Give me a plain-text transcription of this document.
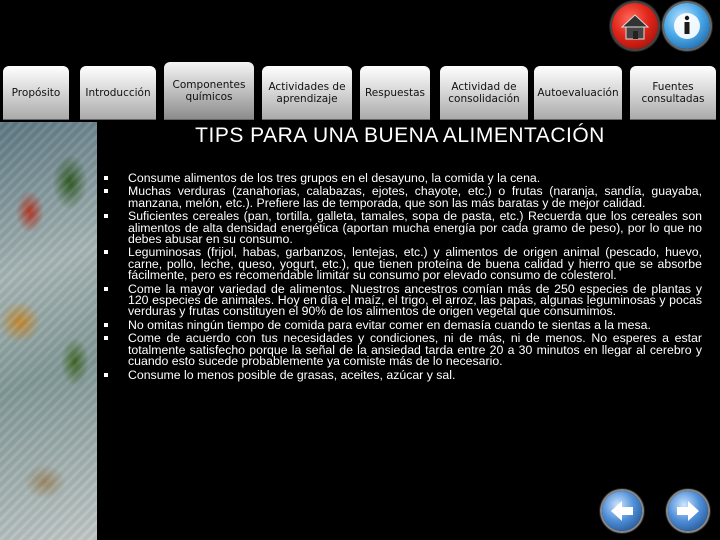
Propósito Introducción
Componentes químicos
Actividades de aprendizaje	Respuestas	Actividad de consolidación	Autoevaluación	Fuentes consultadas
TIPS PARA UNA BUENA ALIMENTACIÓN
Consume alimentos de los tres grupos en el desayuno, la comida y la cena.
Muchas verduras (zanahorias, calabazas, ejotes, chayote, etc.) o frutas (naranja, sandía, guayaba, manzana, melón, etc.). Prefiere las de temporada, que son las más baratas y de mejor calidad.
Suficientes cereales (pan, tortilla, galleta, tamales, sopa de pasta, etc.) Recuerda que los cereales son alimentos de alta densidad energética (aportan mucha energía por cada gramo de peso), por lo que no debes abusar en su consumo.
Leguminosas (frijol, habas, garbanzos, lentejas, etc.) y alimentos de origen animal (pescado, huevo, carne, pollo, leche, queso, yogurt, etc.), que tienen proteína de buena calidad y hierro que se absorbe fácilmente, pero es recomendable limitar su consumo por elevado consumo de colesterol.
Come la mayor variedad de alimentos. Nuestros ancestros comían más de 250 especies de plantas y 120 especies de animales. Hoy en día el maíz, el trigo, el arroz, las papas, algunas leguminosas y pocas verduras y frutas constituyen el 90% de los alimentos de origen vegetal que consumimos.
No omitas ningún tiempo de comida para evitar comer en demasía cuando te sientas a la mesa.
Come de acuerdo con tus necesidades y condiciones, ni de más, ni de menos. No esperes a estar totalmente satisfecho porque la señal de la ansiedad tarda entre 20 a 30 minutos en llegar al cerebro y cuando esto sucede probablemente ya comiste más de lo necesario.
Consume lo menos posible de grasas, aceites, azúcar y sal.
